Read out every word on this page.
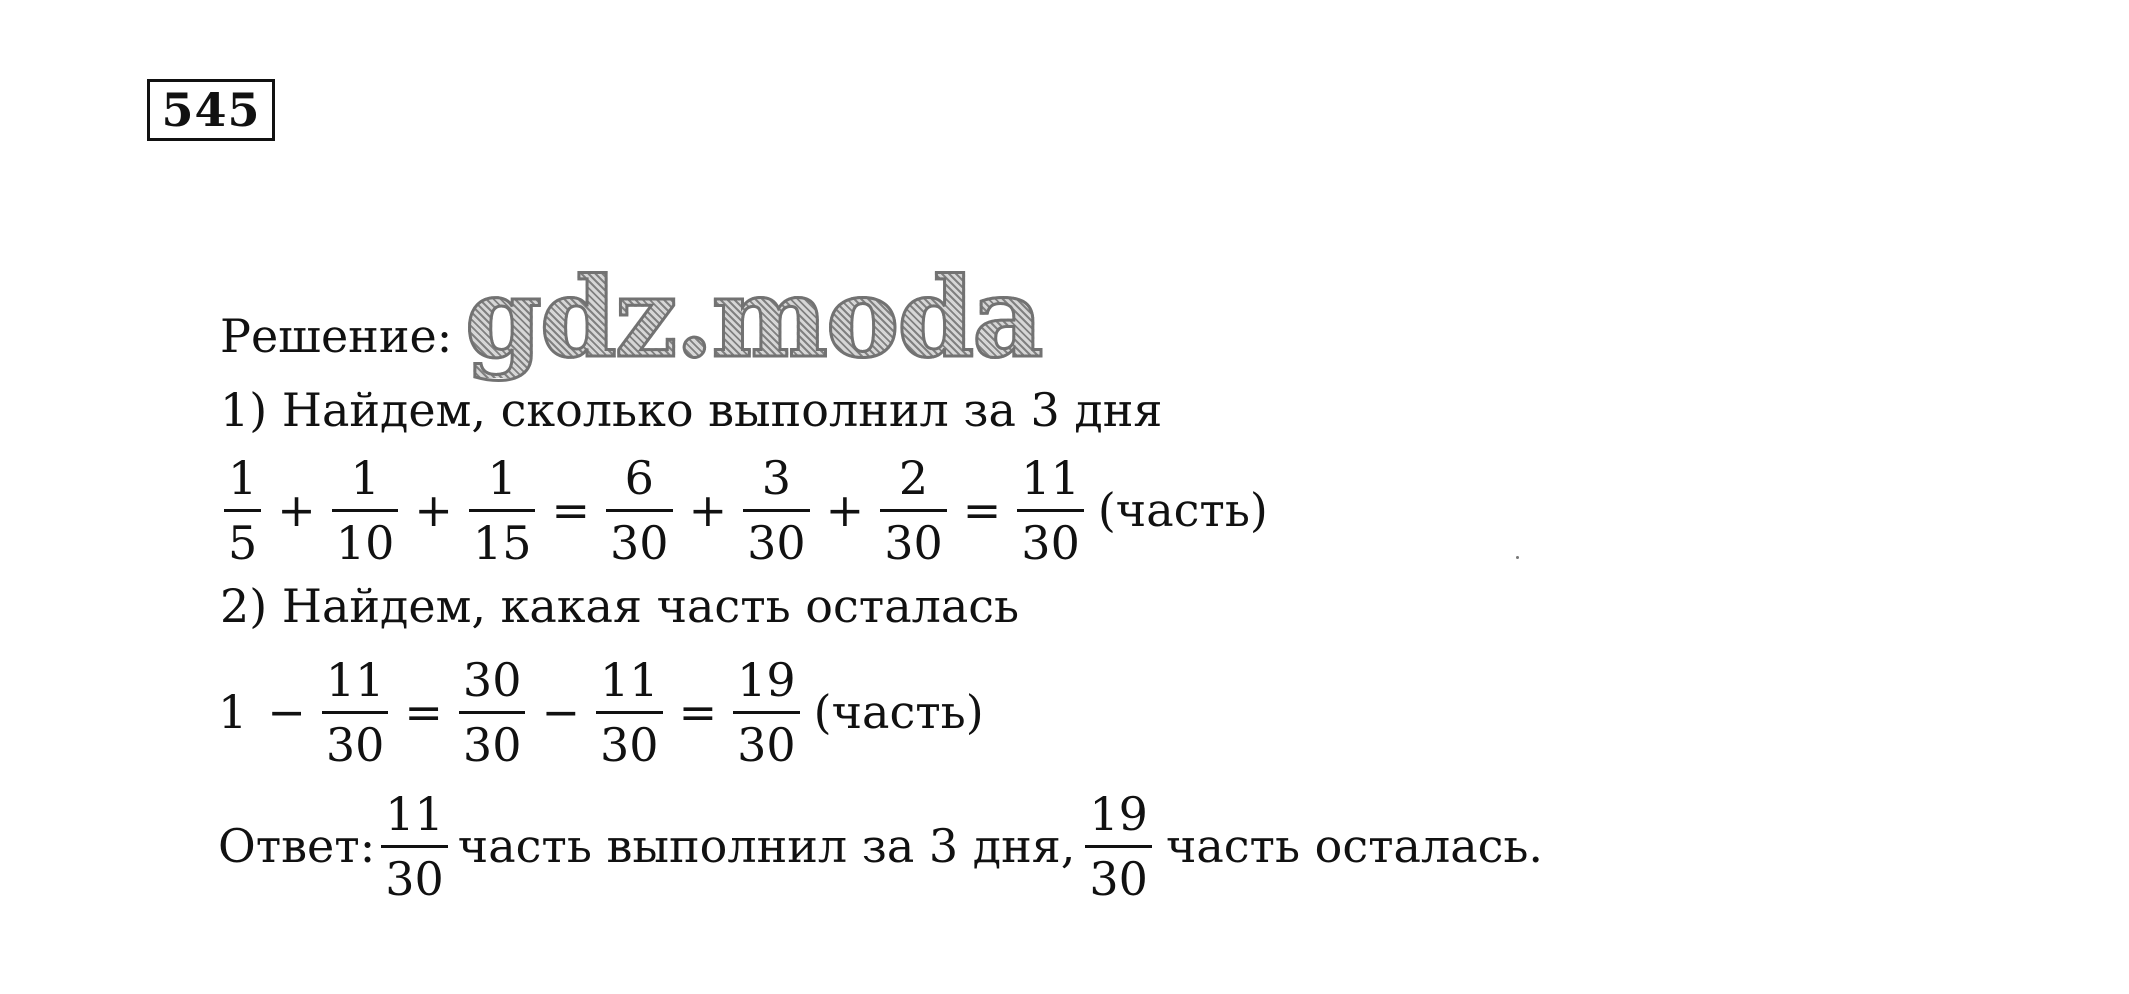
545
Решение:
1) Найдем, сколько выполнил за 3 дня
$\frac{1}{5} + \frac{1}{10} + \frac{1}{15} = \frac{6}{30} + \frac{3}{30} + \frac{2}{30} = \frac{11}{30}$ (часть)
2) Найдем, какая часть осталась
$1 - \frac{11}{30} = \frac{30}{30} - \frac{11}{30} = \frac{19}{30}$ (часть)
Ответ: $\frac{11}{30}$ часть выполнил за 3 дня, $\frac{19}{30}$ часть осталась.
gdz.moda
